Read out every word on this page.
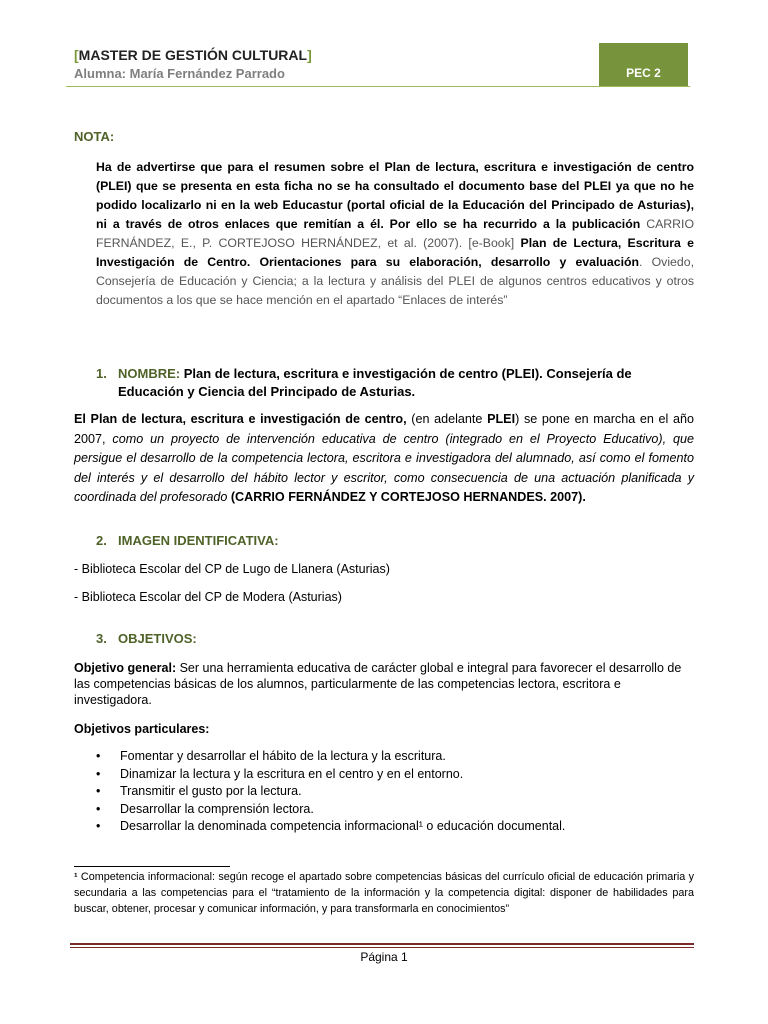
[MASTER DE GESTIÓN CULTURAL]
Alumna: María Fernández Parrado	PEC 2
NOTA:
Ha de advertirse que para el resumen sobre el Plan de lectura, escritura e investigación de centro (PLEI) que se presenta en esta ficha no se ha consultado el documento base del PLEI ya que no he podido localizarlo ni en la web Educastur (portal oficial de la Educación del Principado de Asturias), ni a través de otros enlaces que remitían a él. Por ello se ha recurrido a la publicación CARRIO FERNÁNDEZ, E., P. CORTEJOSO HERNÁNDEZ, et al. (2007). [e-Book] Plan de Lectura, Escritura e Investigación de Centro. Orientaciones para su elaboración, desarrollo y evaluación. Oviedo, Consejería de Educación y Ciencia; a la lectura y análisis del PLEI de algunos centros educativos y otros documentos a los que se hace mención en el apartado “Enlaces de interés”
1. NOMBRE: Plan de lectura, escritura e investigación de centro (PLEI). Consejería de
Educación y Ciencia del Principado de Asturias.
El Plan de lectura, escritura e investigación de centro, (en adelante PLEI) se pone en marcha en el año 2007, como un proyecto de intervención educativa de centro (integrado en el Proyecto Educativo), que persigue el desarrollo de la competencia lectora, escritora e investigadora del alumnado, así como el fomento del interés y el desarrollo del hábito lector y escritor, como consecuencia de una actuación planificada y coordinada del profesorado (CARRIO FERNÁNDEZ Y CORTEJOSO HERNANDES. 2007).
2. IMAGEN IDENTIFICATIVA:
- Biblioteca Escolar del CP de Lugo de Llanera (Asturias)
- Biblioteca Escolar del CP de Modera (Asturias)
3. OBJETIVOS:
Objetivo general: Ser una herramienta educativa de carácter global e integral para favorecer el desarrollo de las competencias básicas de los alumnos, particularmente de las competencias lectora, escritora e investigadora.
Objetivos particulares:
•	Fomentar y desarrollar el hábito de la lectura y la escritura.
•	Dinamizar la lectura y la escritura en el centro y en el entorno.
•	Transmitir el gusto por la lectura.
•	Desarrollar la comprensión lectora.
•	Desarrollar la denominada competencia informacional¹ o educación documental.
¹ Competencia informacional: según recoge el apartado sobre competencias básicas del currículo oficial de educación primaria y secundaria a las competencias para el “tratamiento de la información y la competencia digital: disponer de habilidades para buscar, obtener, procesar y comunicar información, y para transformarla en conocimientos”
Página 1
